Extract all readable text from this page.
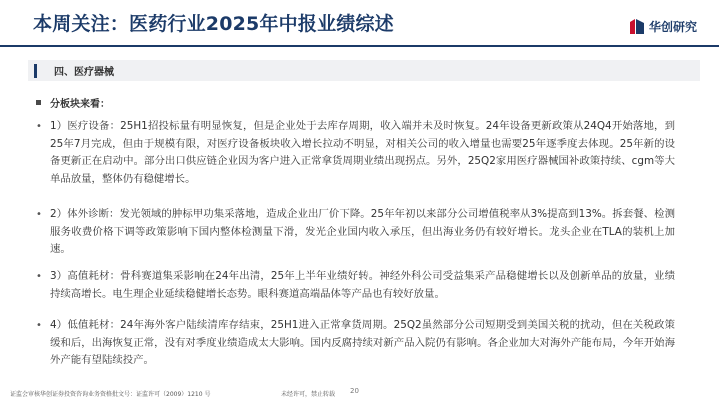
本周关注：医药行业2025年中报业绩综述	华创研究
四、医疗器械
分板块来看：
• 1）医疗设备：25H1招投标量有明显恢复，但是企业处于去库存周期，收入端并未及时恢复。24年设备更新政策从24Q4开始落地，到25年7月完成，但由于规模有限，对医疗设备板块收入增长拉动不明显，对相关公司的收入增量也需要25年逐季度去体现。25年新的设备更新正在启动中。部分出口供应链企业因为客户进入正常拿货周期业绩出现拐点。另外，25Q2家用医疗器械国补政策持续、cgm等大单品放量，整体仍有稳健增长。
• 2）体外诊断：发光领域的肿标甲功集采落地，造成企业出厂价下降。25年年初以来部分公司增值税率从3%提高到13%。拆套餐、检测服务收费价格下调等政策影响下国内整体检测量下滑，发光企业国内收入承压，但出海业务仍有较好增长。龙头企业在TLA的装机上加速。
• 3）高值耗材：骨科赛道集采影响在24年出清，25年上半年业绩好转。神经外科公司受益集采产品稳健增长以及创新单品的放量，业绩持续高增长。电生理企业延续稳健增长态势。眼科赛道高端晶体等产品也有较好放量。
• 4）低值耗材：24年海外客户陆续清库存结束，25H1进入正常拿货周期。25Q2虽然部分公司短期受到美国关税的扰动，但在关税政策缓和后，出海恢复正常，没有对季度业绩造成太大影响。国内反腐持续对新产品入院仍有影响。各企业加大对海外产能布局，今年开始海外产能有望陆续投产。
证监会审核华创证券投资咨询业务资格批文号：证监许可（2009）1210 号	未经许可，禁止转载 20
